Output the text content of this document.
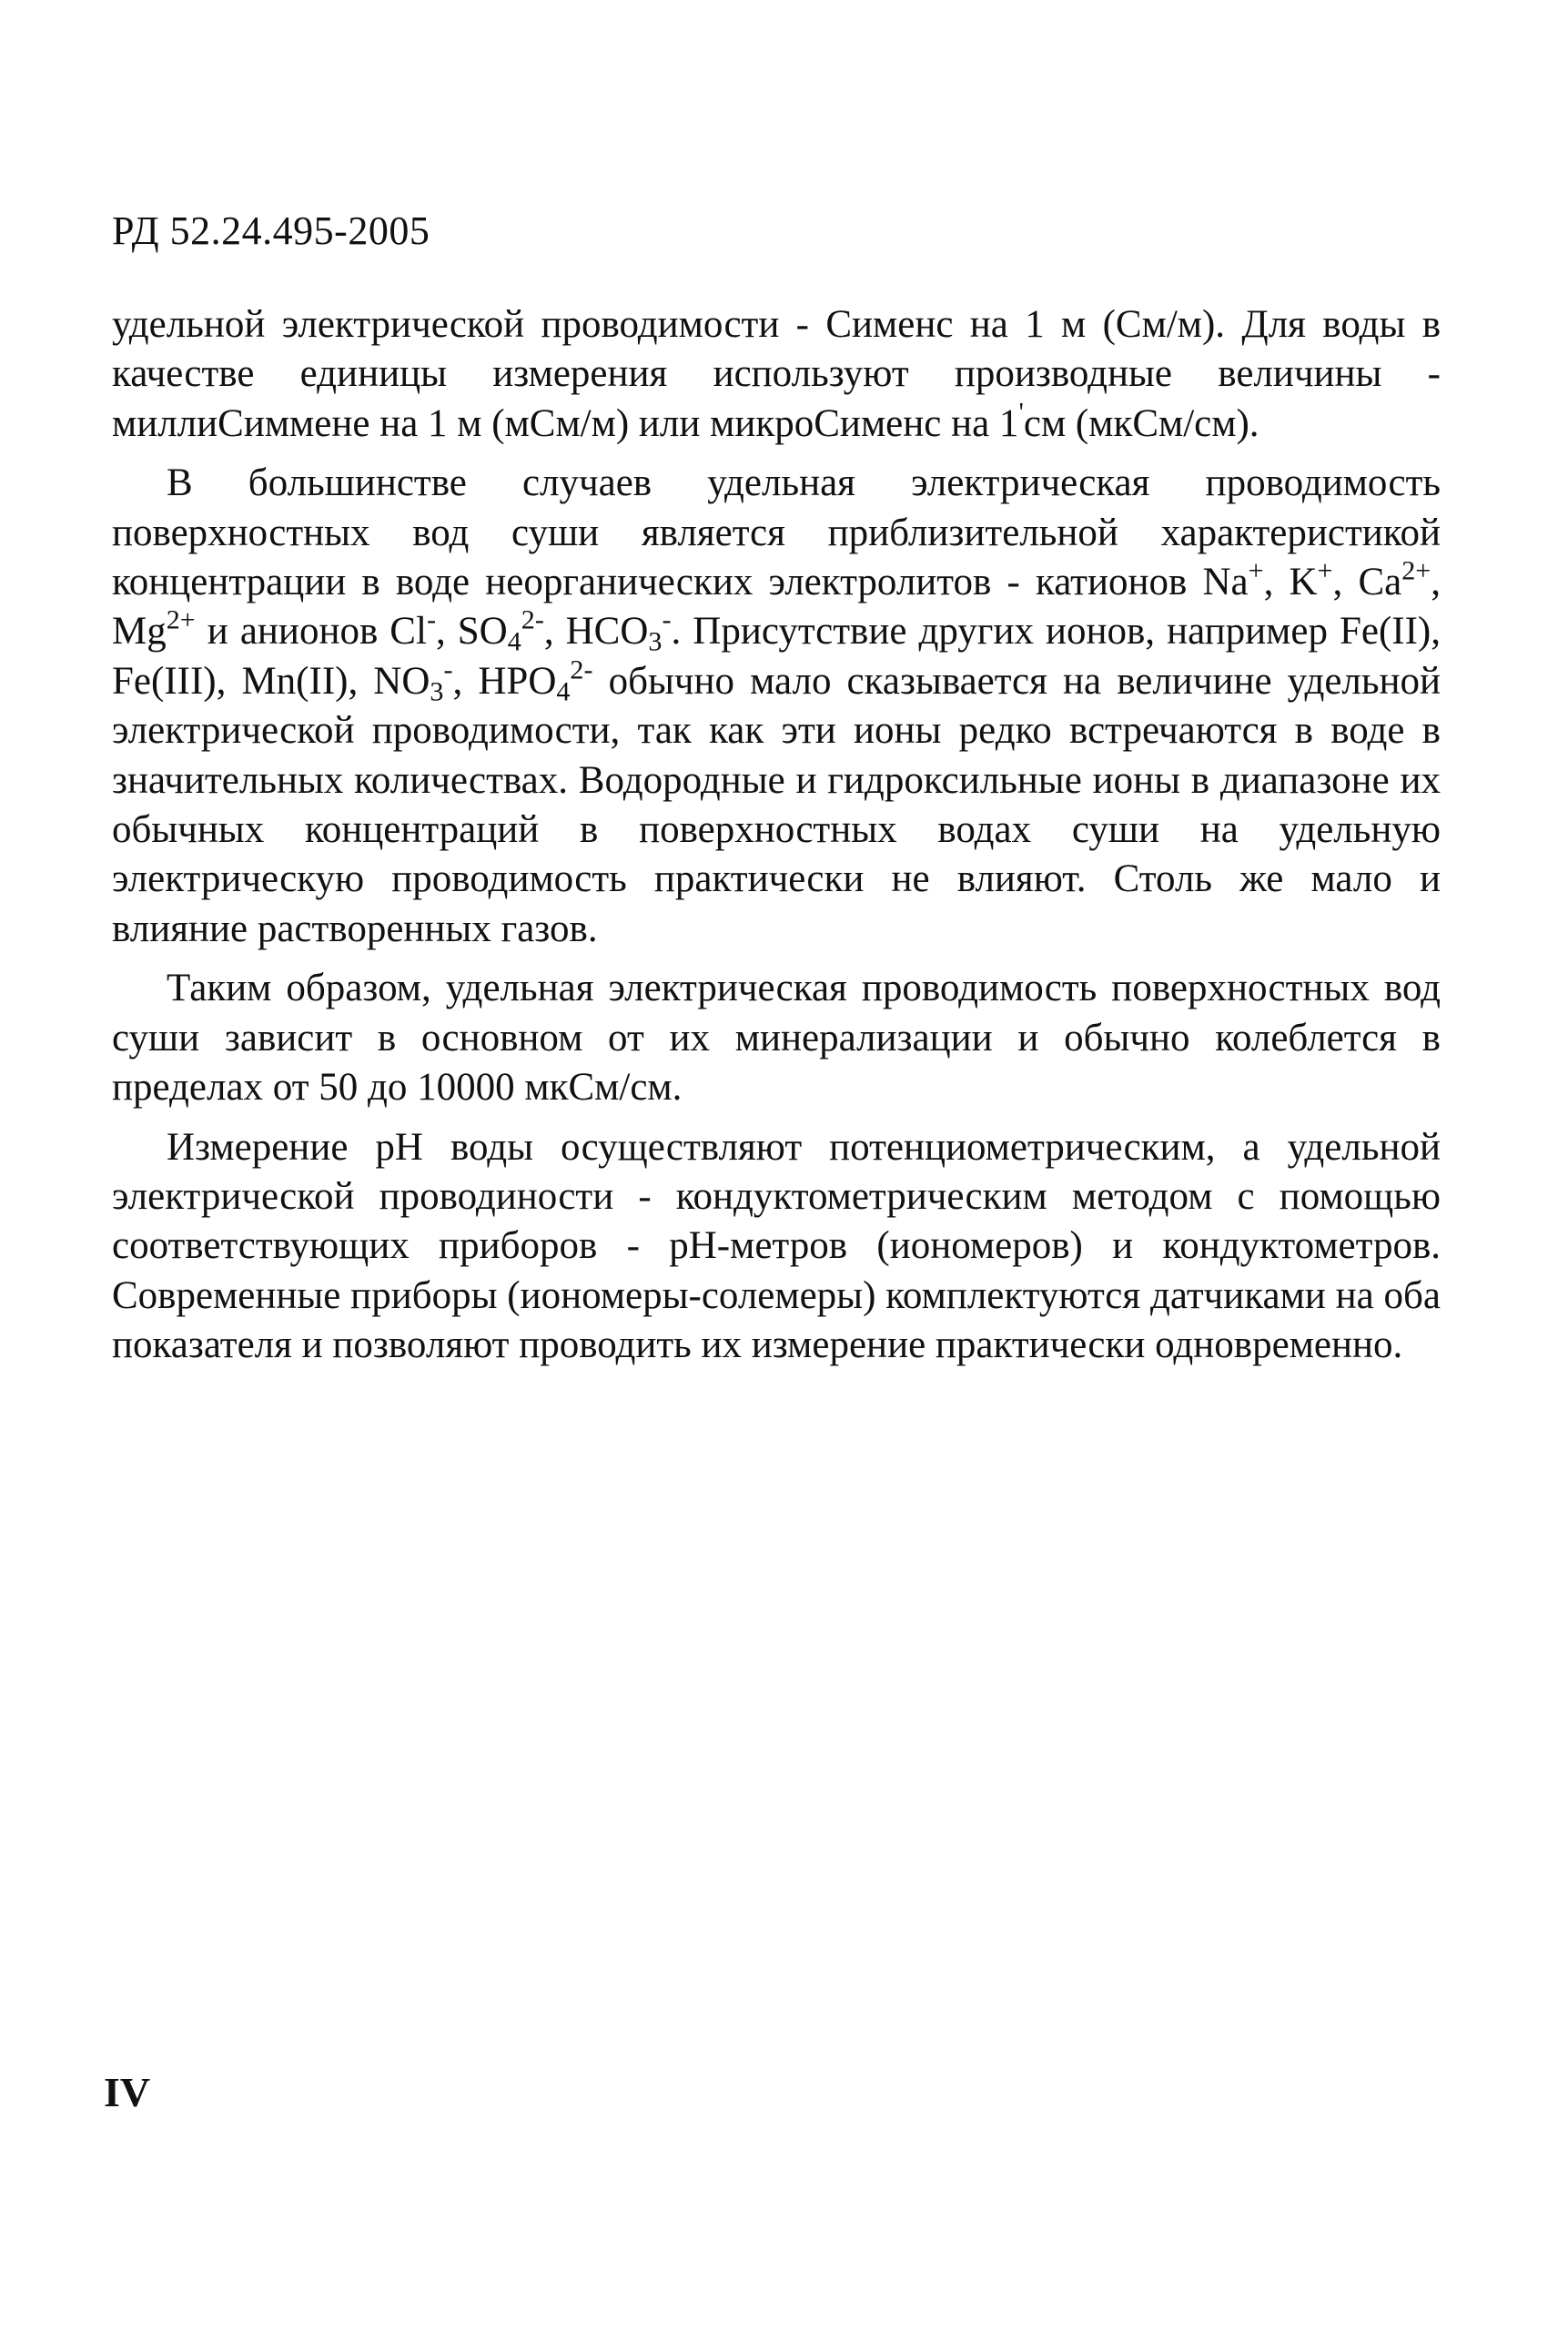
РД 52.24.495-2005

удельной электрической проводимости - Сименс на 1 м (См/м). Для воды в качестве единицы измерения используют производные величины - миллиСиммене на 1 м (мСм/м) или микроСименс на 1'см (мкСм/см).

В большинстве случаев удельная электрическая проводимость поверхностных вод суши является приблизительной характеристикой концентрации в воде неорганических электролитов - катионов Na+, K+, $Ca^{2+}$, $Mg^{2+}$ и анионов Cl-, $SO_4^{2-}$, $HCO_3^-$. Присутствие других ионов, например Fe(II), Fe(III), Mn(II), $NO_3^-$, $HPO_4^{2-}$ обычно мало сказывается на величине удельной электрической проводимости, так как эти ионы редко встречаются в воде в значительных количествах. Водородные и гидроксильные ионы в диапазоне их обычных концентраций в поверхностных водах суши на удельную электрическую проводимость практически не влияют. Столь же мало и влияние растворенных газов.

Таким образом, удельная электрическая проводимость поверхностных вод суши зависит в основном от их минерализации и обычно колеблется в пределах от 50 до 10000 мкСм/см.

Измерение pH воды осуществляют потенциометрическим, а удельной электрической проводиности - кондуктометрическим методом с помощью соответствующих приборов - pH-метров (иономеров) и кондуктометров. Современные приборы (иономеры-солемеры) комплектуются датчиками на оба показателя и позволяют проводить их измерение практически одновременно.

IV
